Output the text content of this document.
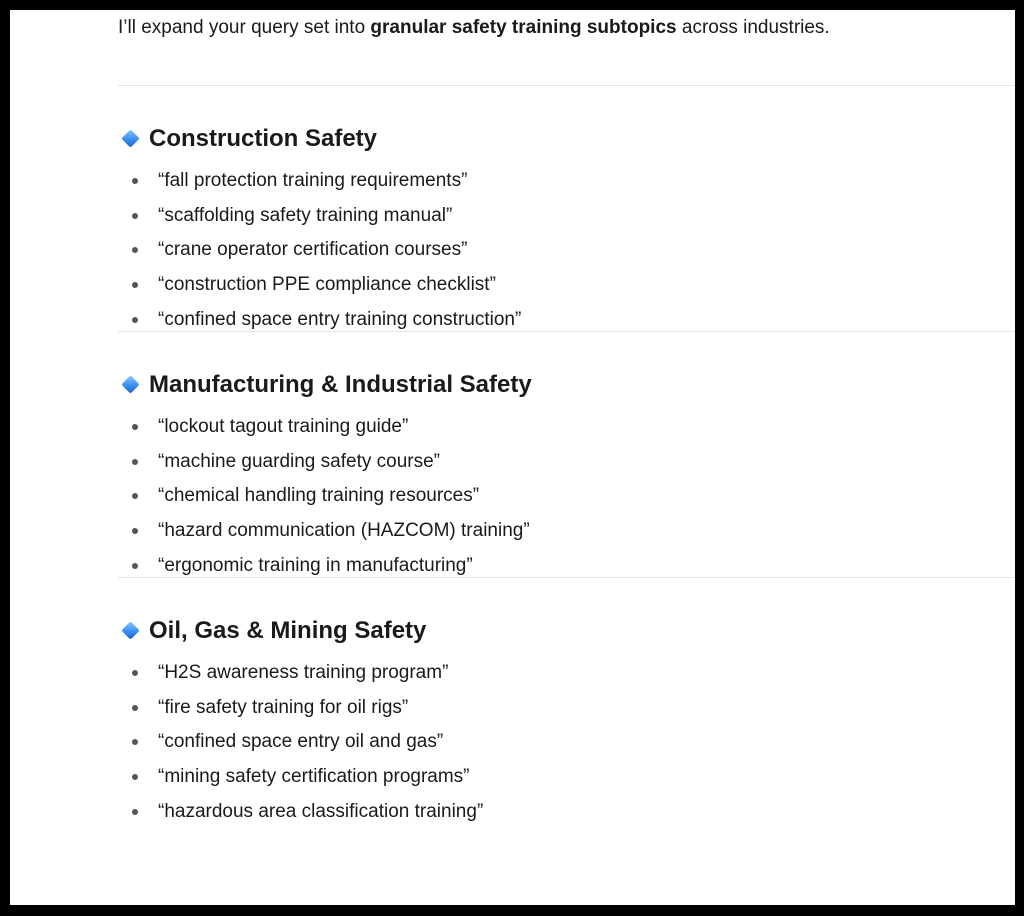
I’ll expand your query set into granular safety training subtopics across industries.

Construction Safety
“fall protection training requirements”
“scaffolding safety training manual”
“crane operator certification courses”
“construction PPE compliance checklist”
“confined space entry training construction”
Manufacturing & Industrial Safety
“lockout tagout training guide”
“machine guarding safety course”
“chemical handling training resources”
“hazard communication (HAZCOM) training”
“ergonomic training in manufacturing”
Oil, Gas & Mining Safety
“H2S awareness training program”
“fire safety training for oil rigs”
“confined space entry oil and gas”
“mining safety certification programs”
“hazardous area classification training”
